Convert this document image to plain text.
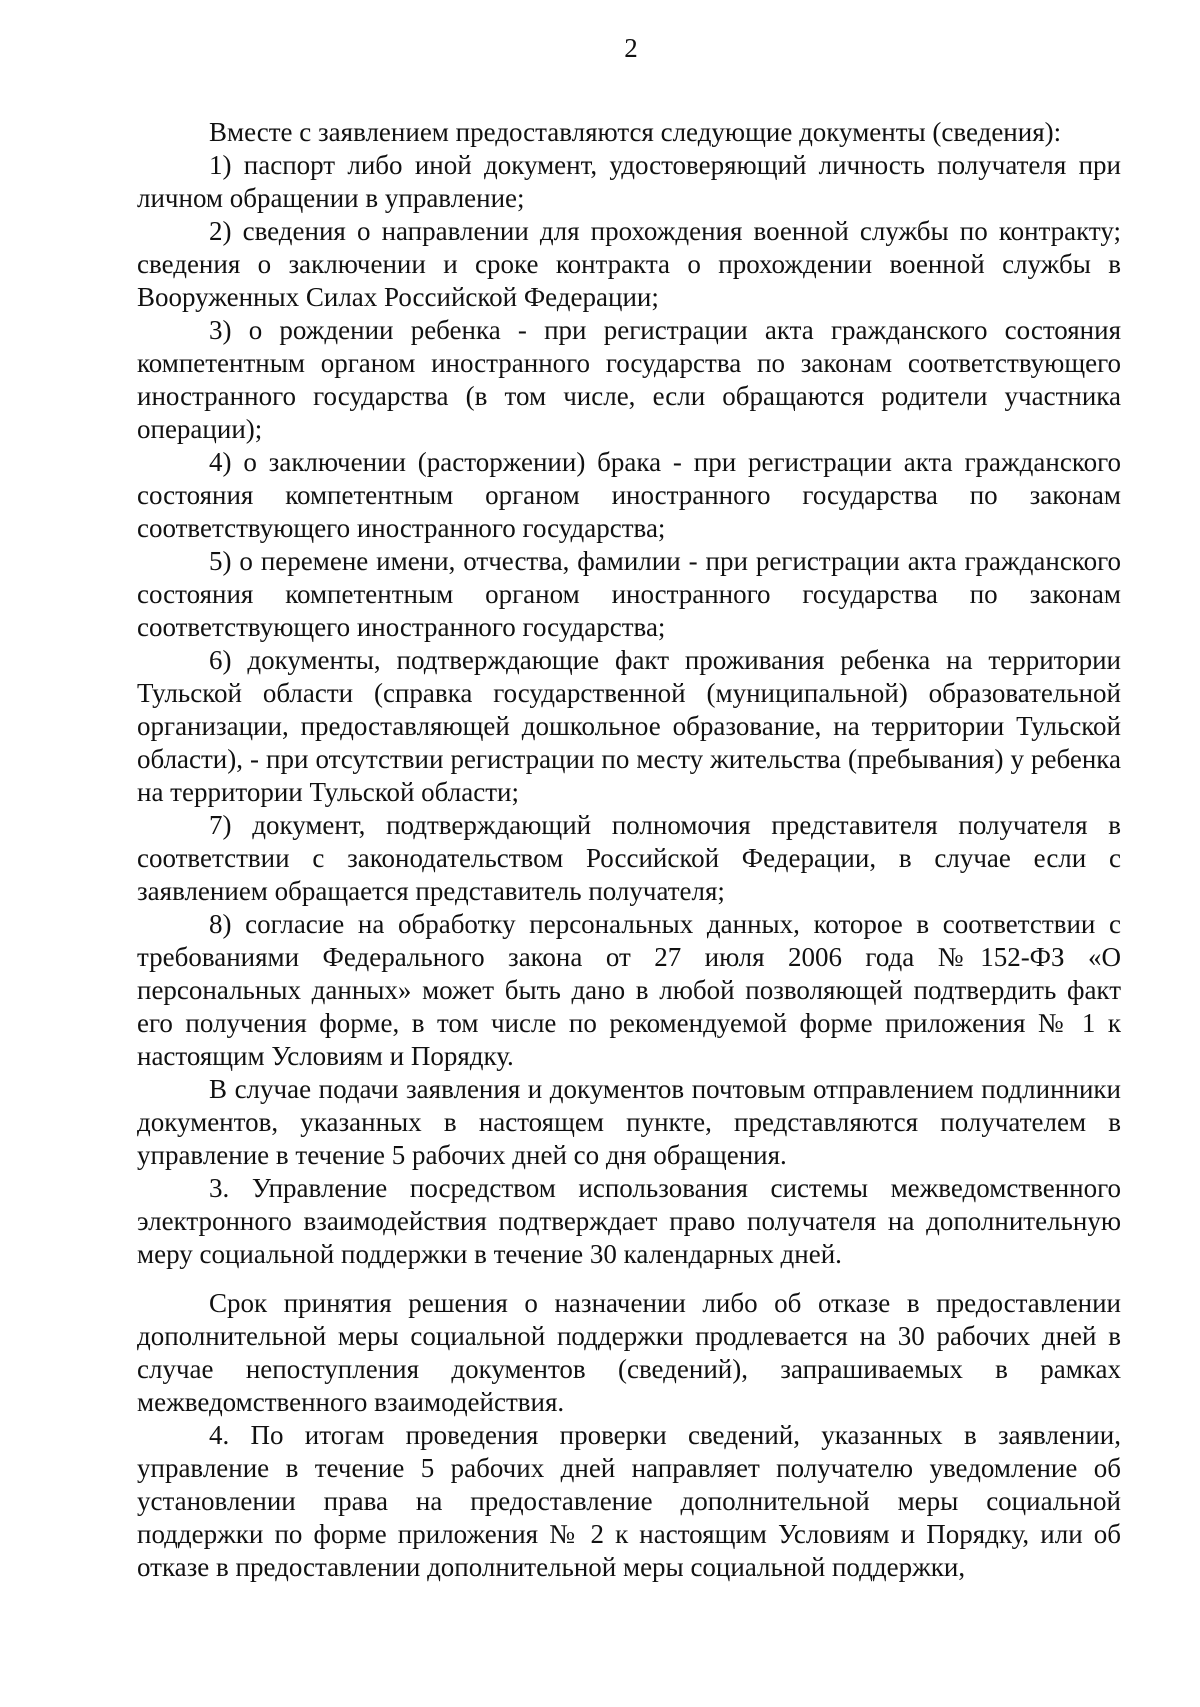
2

Вместе с заявлением предоставляются следующие документы (сведения):

1) паспорт либо иной документ, удостоверяющий личность получателя при личном обращении в управление;

2) сведения о направлении для прохождения военной службы по контракту; сведения о заключении и сроке контракта о прохождении военной службы в Вооруженных Силах Российской Федерации;

3) о рождении ребенка - при регистрации акта гражданского состояния компетентным органом иностранного государства по законам соответствующего иностранного государства (в том числе, если обращаются родители участника операции);

4) о заключении (расторжении) брака - при регистрации акта гражданского состояния компетентным органом иностранного государства по законам соответствующего иностранного государства;

5) о перемене имени, отчества, фамилии - при регистрации акта гражданского состояния компетентным органом иностранного государства по законам соответствующего иностранного государства;

6) документы, подтверждающие факт проживания ребенка на территории Тульской области (справка государственной (муниципальной) образовательной организации, предоставляющей дошкольное образование, на территории Тульской области), - при отсутствии регистрации по месту жительства (пребывания) у ребенка на территории Тульской области;

7) документ, подтверждающий полномочия представителя получателя в соответствии с законодательством Российской Федерации, в случае если с заявлением обращается представитель получателя;

8) согласие на обработку персональных данных, которое в соответствии с требованиями Федерального закона от 27 июля 2006 года №152-ФЗ «О персональных данных» может быть дано в любой позволяющей подтвердить факт его получения форме, в том числе по рекомендуемой форме приложения № 1 к настоящим Условиям и Порядку.

В случае подачи заявления и документов почтовым отправлением подлинники документов, указанных в настоящем пункте, представляются получателем в управление в течение 5 рабочих дней со дня обращения.

3. Управление посредством использования системы межведомственного электронного взаимодействия подтверждает право получателя на дополнительную меру социальной поддержки в течение 30 календарных дней.

Срок принятия решения о назначении либо об отказе в предоставлении дополнительной меры социальной поддержки продлевается на 30 рабочих дней в случае непоступления документов (сведений), запрашиваемых в рамках межведомственного взаимодействия.

4. По итогам проведения проверки сведений, указанных в заявлении, управление в течение 5 рабочих дней направляет получателю уведомление об установлении права на предоставление дополнительной меры социальной поддержки по форме приложения № 2 к настоящим Условиям и Порядку, или об отказе в предоставлении дополнительной меры социальной поддержки,
